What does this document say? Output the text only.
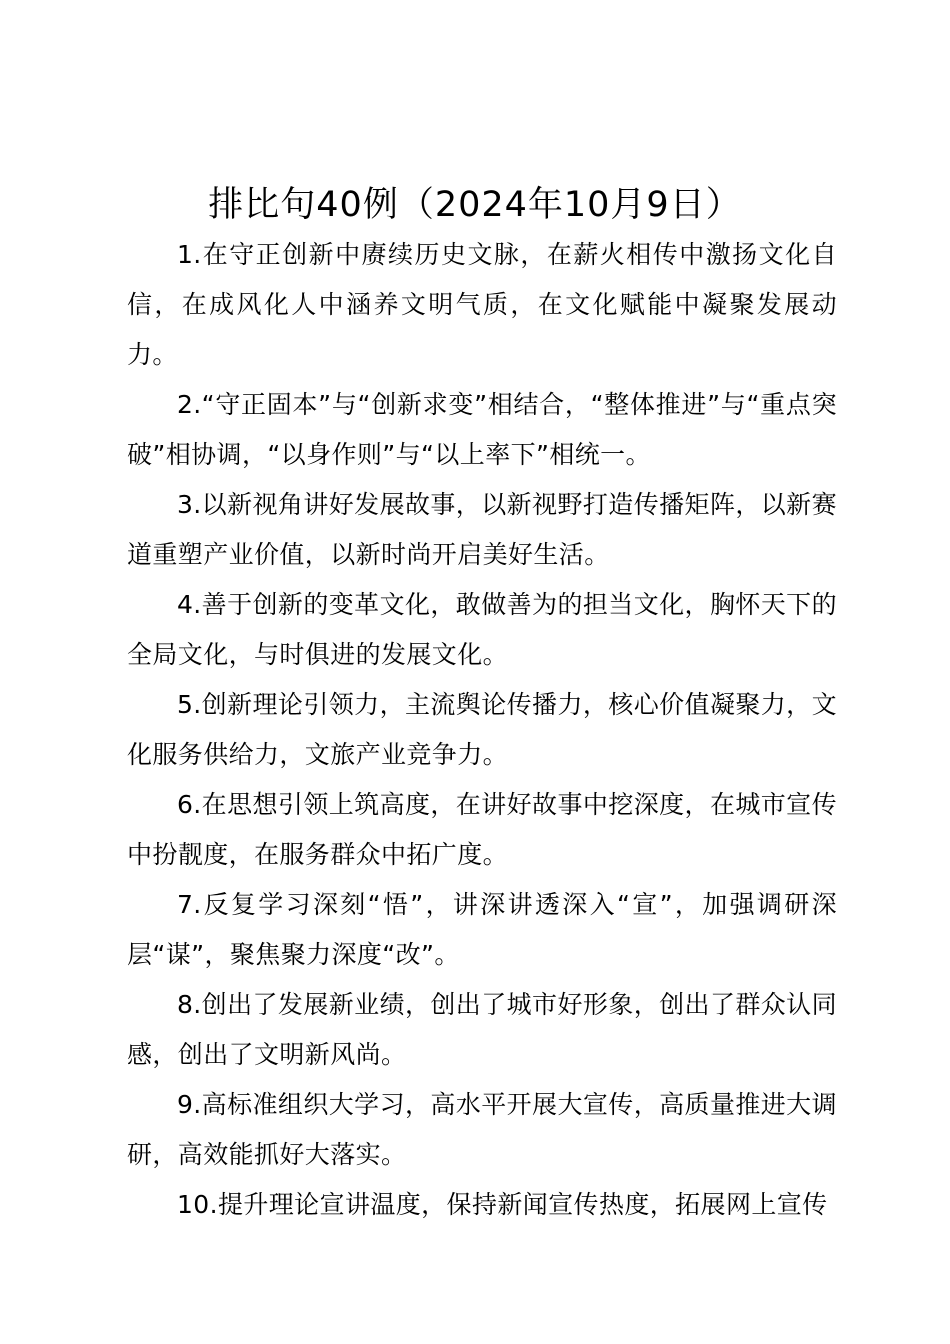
排比句40例（2024年10月9日）

1.在守正创新中赓续历史文脉，在薪火相传中激扬文化自信，在成风化人中涵养文明气质，在文化赋能中凝聚发展动力。

2.“守正固本”与“创新求变”相结合，“整体推进”与“重点突破”相协调，“以身作则”与“以上率下”相统一。

3.以新视角讲好发展故事，以新视野打造传播矩阵，以新赛道重塑产业价值，以新时尚开启美好生活。

4.善于创新的变革文化，敢做善为的担当文化，胸怀天下的全局文化，与时俱进的发展文化。

5.创新理论引领力，主流舆论传播力，核心价值凝聚力，文化服务供给力，文旅产业竞争力。

6.在思想引领上筑高度，在讲好故事中挖深度，在城市宣传中扮靓度，在服务群众中拓广度。

7.反复学习深刻“悟”，讲深讲透深入“宣”，加强调研深层“谋”，聚焦聚力深度“改”。

8.创出了发展新业绩，创出了城市好形象，创出了群众认同感，创出了文明新风尚。

9.高标准组织大学习，高水平开展大宣传，高质量推进大调研，高效能抓好大落实。

10.提升理论宣讲温度，保持新闻宣传热度，拓展网上宣传
